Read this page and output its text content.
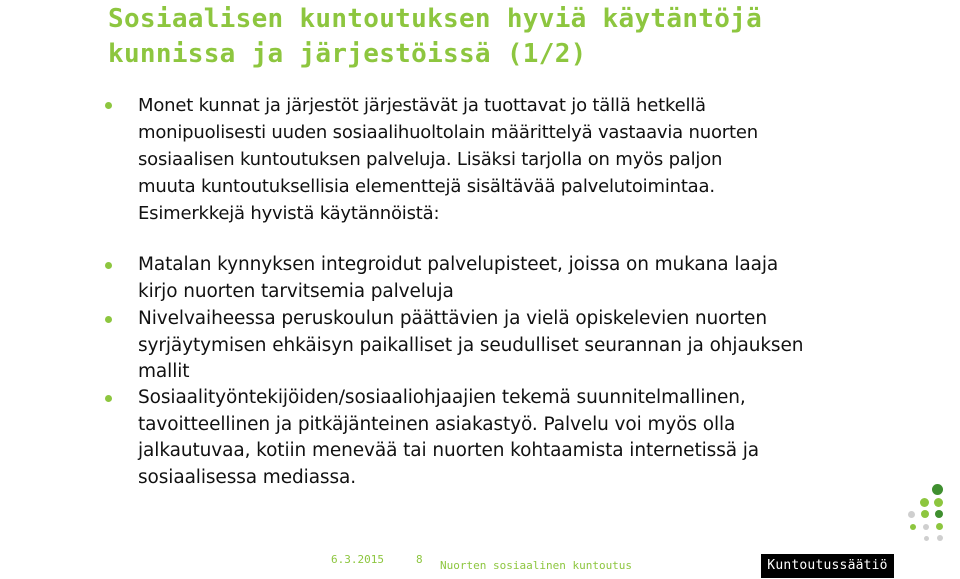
Sosiaalisen kuntoutuksen hyviä käytäntöjä
kunnissa ja järjestöissä (1/2)
Monet kunnat ja järjestöt järjestävät ja tuottavat jo tällä hetkellä
monipuolisesti uuden sosiaalihuoltolain määrittelyä vastaavia nuorten
sosiaalisen kuntoutuksen palveluja. Lisäksi tarjolla on myös paljon
muuta kuntoutuksellisia elementtejä sisältävää palvelutoimintaa.
Esimerkkejä hyvistä käytännöistä:
Matalan kynnyksen integroidut palvelupisteet, joissa on mukana laaja
kirjo nuorten tarvitsemia palveluja
Nivelvaiheessa peruskoulun päättävien ja vielä opiskelevien nuorten
syrjäytymisen ehkäisyn paikalliset ja seudulliset seurannan ja ohjauksen
mallit
Sosiaalityöntekijöiden/sosiaaliohjaajien tekemä suunnitelmallinen,
tavoitteellinen ja pitkäjänteinen asiakastyö. Palvelu voi myös olla
jalkautuvaa, kotiin menevää tai nuorten kohtaamista internetissä ja
sosiaalisessa mediassa.
6.3.2015	8 Nuorten sosiaalinen kuntoutus	Kuntoutussäätiö
